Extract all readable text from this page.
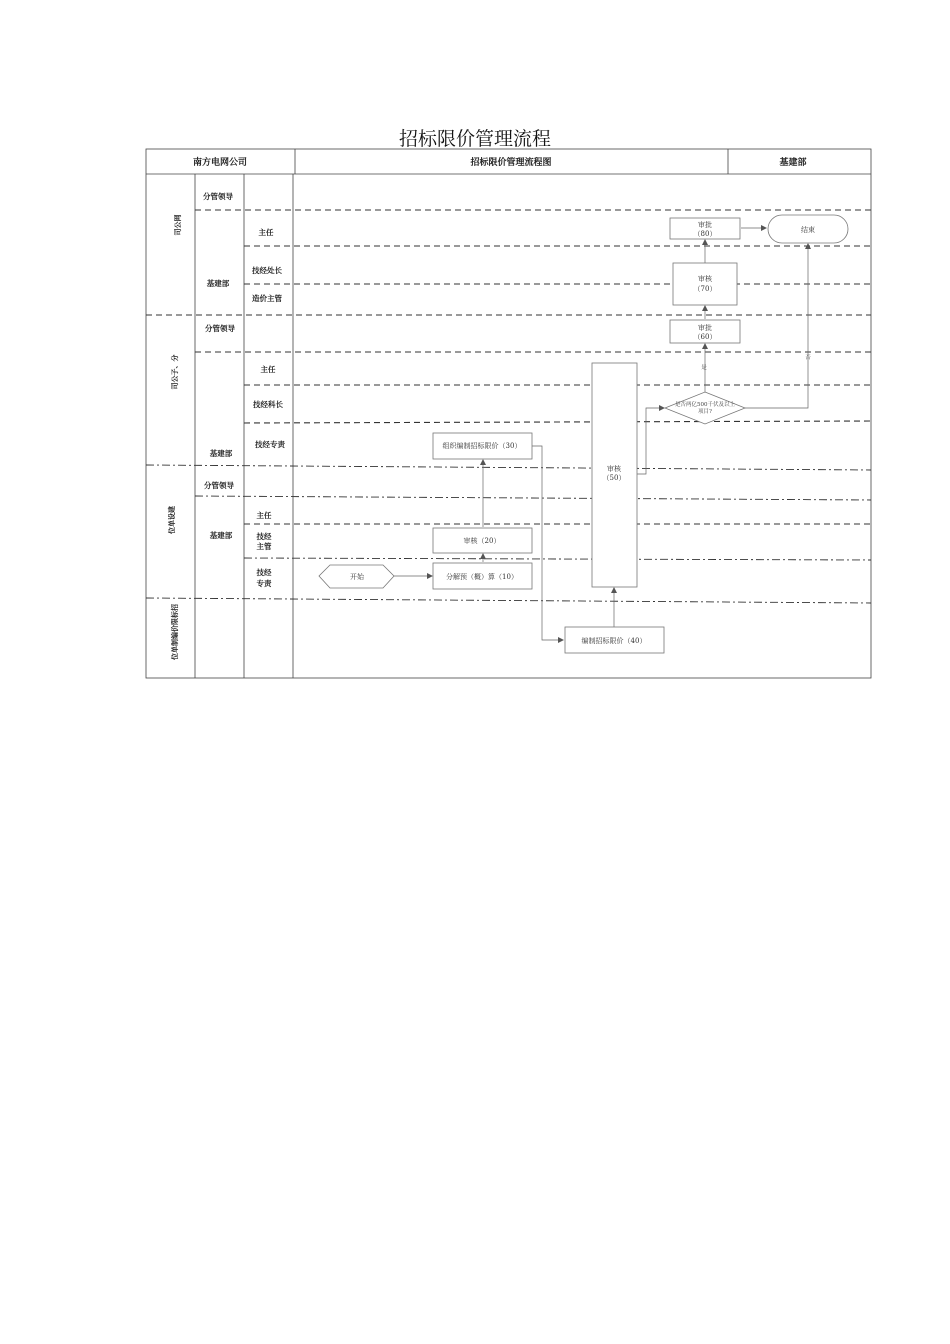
招标限价管理流程
南方电网公司	招标限价管理流程图	基建部
司公网
司公子、分
位单设建
位单制编价限标招
分管领导
基建部
分管领导
基建部
分管领导
基建部
主任
技经处长
造价主管
主任
技经科长
技经专责
主任
技经
主管
技经
专责
是
否
开始	分解预（概）算（10）
审核（20）
组织编制招标限价（30）
编制招标限价（40）
审核
（50）
是否两亿500千伏及以上
项目?
审批
（60）
审核
（70）
审批
（80）	结束
